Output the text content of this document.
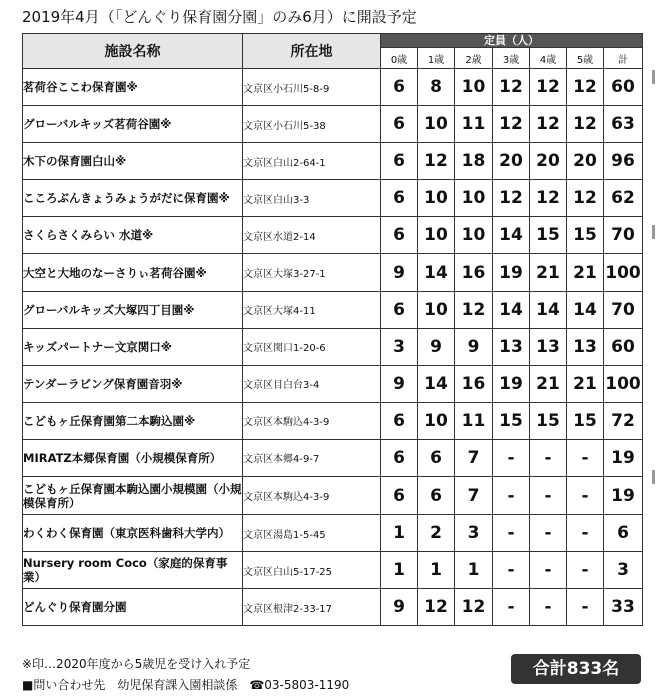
2019年4月（「どんぐり保育園分園」のみ6月）に開設予定
施設名称	所在地	定員（人）						
		0歳	1歳	2歳	3歳	4歳	5歳	計
茗荷谷ここわ保育園※	文京区小石川5-8-9	6	8	10	12	12	12	60
グローバルキッズ茗荷谷園※	文京区小石川5-38	6	10	11	12	12	12	63
木下の保育園白山※	文京区白山2-64-1	6	12	18	20	20	20	96
こころぶんきょうみょうがだに保育園※	文京区白山3-3	6	10	10	12	12	12	62
さくらさくみらい 水道※	文京区水道2-14	6	10	10	14	15	15	70
大空と大地のなーさりぃ茗荷谷園※	文京区大塚3-27-1	9	14	16	19	21	21	100
グローバルキッズ大塚四丁目園※	文京区大塚4-11	6	10	12	14	14	14	70
キッズパートナー文京関口※	文京区関口1-20-6	3	9	9	13	13	13	60
テンダーラビング保育園音羽※	文京区目白台3-4	9	14	16	19	21	21	100
こどもヶ丘保育園第二本駒込園※	文京区本駒込4-3-9	6	10	11	15	15	15	72
MIRATZ本郷保育園（小規模保育所）	文京区本郷4-9-7	6	6	7	-	-	-	19
こどもヶ丘保育園本駒込園小規模園（小規模保育所）	文京区本駒込4-3-9	6	6	7	-	-	-	19
わくわく保育園（東京医科歯科大学内）	文京区湯島1-5-45	1	2	3	-	-	-	6
Nursery room Coco（家庭的保育事業）	文京区白山5-17-25	1	1	1	-	-	-	3
どんぐり保育園分園	文京区根津2-33-17	9	12	12	-	-	-	33
※印…2020年度から5歳児を受け入れ予定
■問い合わせ先　幼児保育課入園相談係　☎03-5803-1190
合計833名
